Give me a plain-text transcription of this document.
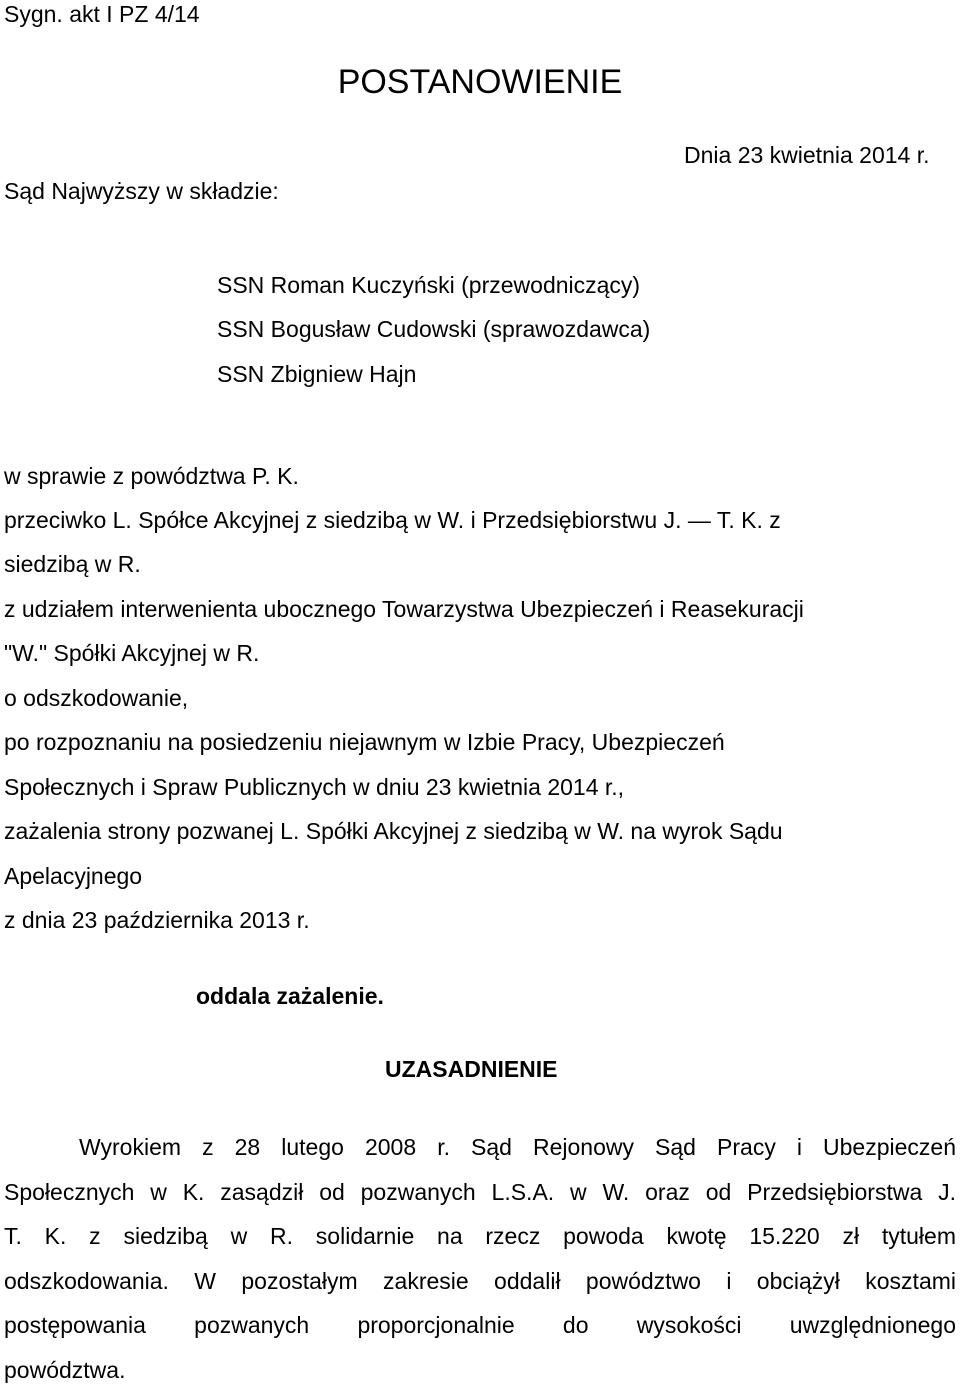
Sygn. akt I PZ 4/14
POSTANOWIENIE
Dnia 23 kwietnia 2014 r.
Sąd Najwyższy w składzie:
SSN Roman Kuczyński (przewodniczący)
SSN Bogusław Cudowski (sprawozdawca)
SSN Zbigniew Hajn
w sprawie z powództwa P. K.
przeciwko L. Spółce Akcyjnej z siedzibą w W. i Przedsiębiorstwu J. — T. K. z
siedzibą w R.
z udziałem interwenienta ubocznego Towarzystwa Ubezpieczeń i Reasekuracji
"W." Spółki Akcyjnej w R.
o odszkodowanie,
po rozpoznaniu na posiedzeniu niejawnym w Izbie Pracy, Ubezpieczeń
Społecznych i Spraw Publicznych w dniu 23 kwietnia 2014 r.,
zażalenia strony pozwanej L. Spółki Akcyjnej z siedzibą w W. na wyrok Sądu
Apelacyjnego
z dnia 23 października 2013 r.
oddala zażalenie.
UZASADNIENIE
Wyrokiem z 28 lutego 2008 r. Sąd Rejonowy Sąd Pracy i Ubezpieczeń
Społecznych w K. zasądził od pozwanych L.S.A. w W. oraz od Przedsiębiorstwa J.
T. K. z siedzibą w R. solidarnie na rzecz powoda kwotę 15.220 zł tytułem
odszkodowania. W pozostałym zakresie oddalił powództwo i obciążył kosztami
postępowania pozwanych proporcjonalnie do wysokości uwzględnionego
powództwa.
